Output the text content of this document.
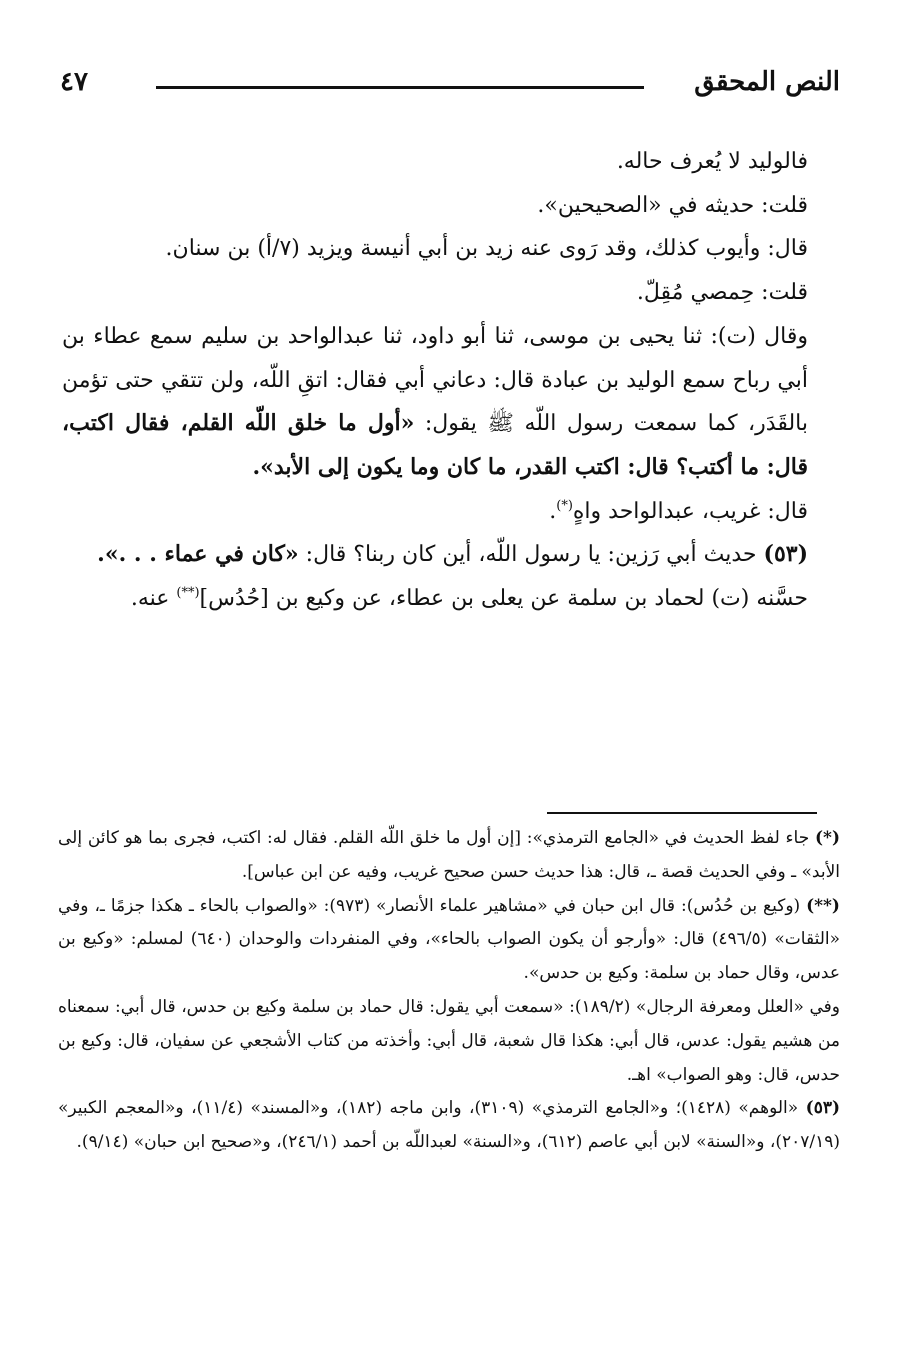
النص المحقق
٤٧

فالوليد لا يُعرف حاله.

قلت: حديثه في «الصحيحين».

قال: وأيوب كذلك، وقد رَوى عنه زيد بن أبي أنيسة ويزيد (٧/أ) بن سنان.

قلت: حِمصي مُقِلّ.

وقال (ت): ثنا يحيى بن موسى، ثنا أبو داود، ثنا عبدالواحد بن سليم سمع عطاء بن أبي رباح سمع الوليد بن عبادة قال: دعاني أبي فقال: اتقِ اللّه، ولن تتقي حتى تؤمن بالقَدَر، كما سمعت رسول اللّه ﷺ يقول: «أول ما خلق اللّه القلم، فقال اكتب، قال: ما أكتب؟ قال: اكتب القدر، ما كان وما يكون إلى الأبد».

قال: غريب، عبدالواحد واهٍ(*).

(٥٣) حديث أبي رَزين: يا رسول اللّه، أين كان ربنا؟ قال: «كان في عماء . . .».

حسَّنه (ت) لحماد بن سلمة عن يعلى بن عطاء، عن وكيع بن [حُدُس](**) عنه.

(*) جاء لفظ الحديث في «الجامع الترمذي»: [إن أول ما خلق اللّه القلم. فقال له: اكتب، فجرى بما هو كائن إلى الأبد» ـ وفي الحديث قصة ـ، قال: هذا حديث حسن صحيح غريب، وفيه عن ابن عباس].

(**) (وكيع بن حُدُس): قال ابن حبان في «مشاهير علماء الأنصار» (٩٧٣): «والصواب بالحاء ـ هكذا جزمًا ـ، وفي «الثقات» (٤٩٦/٥) قال: «وأرجو أن يكون الصواب بالحاء»، وفي المنفردات والوحدان (٦٤٠) لمسلم: «وكيع بن عدس، وقال حماد بن سلمة: وكيع بن حدس».

وفي «العلل ومعرفة الرجال» (١٨٩/٢): «سمعت أبي يقول: قال حماد بن سلمة وكيع بن حدس، قال أبي: سمعناه من هشيم يقول: عدس، قال أبي: هكذا قال شعبة، قال أبي: وأخذته من كتاب الأشجعي عن سفيان، قال: وكيع بن حدس، قال: وهو الصواب» اهـ.

(٥٣) «الوهم» (١٤٢٨)؛ و«الجامع الترمذي» (٣١٠٩)، وابن ماجه (١٨٢)، و«المسند» (١١/٤)، و«المعجم الكبير» (٢٠٧/١٩)، و«السنة» لابن أبي عاصم (٦١٢)، و«السنة» لعبداللّه بن أحمد (٢٤٦/١)، و«صحيح ابن حبان» (٩/١٤).
